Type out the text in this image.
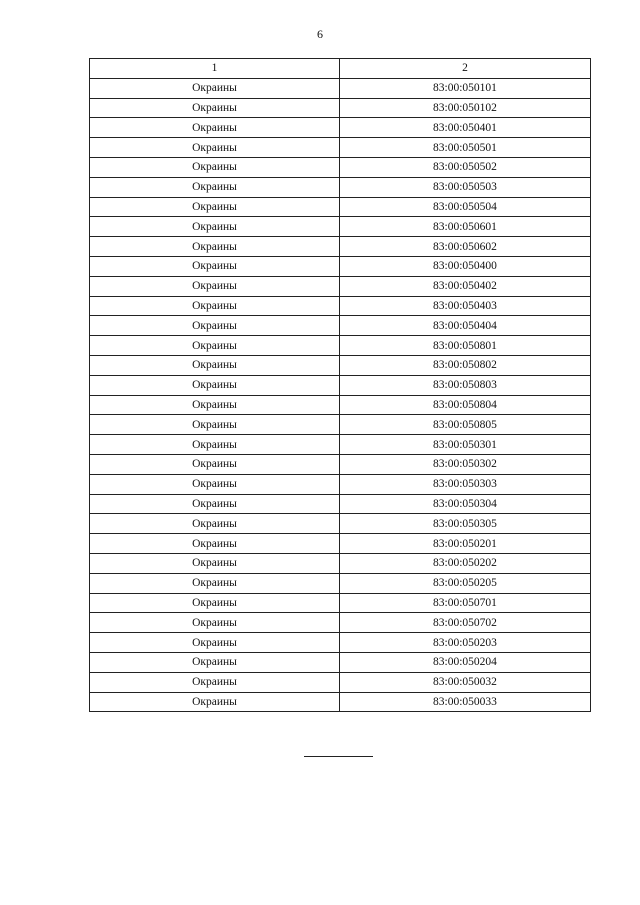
6
1	2
Окраины	83:00:050101
Окраины	83:00:050102
Окраины	83:00:050401
Окраины	83:00:050501
Окраины	83:00:050502
Окраины	83:00:050503
Окраины	83:00:050504
Окраины	83:00:050601
Окраины	83:00:050602
Окраины	83:00:050400
Окраины	83:00:050402
Окраины	83:00:050403
Окраины	83:00:050404
Окраины	83:00:050801
Окраины	83:00:050802
Окраины	83:00:050803
Окраины	83:00:050804
Окраины	83:00:050805
Окраины	83:00:050301
Окраины	83:00:050302
Окраины	83:00:050303
Окраины	83:00:050304
Окраины	83:00:050305
Окраины	83:00:050201
Окраины	83:00:050202
Окраины	83:00:050205
Окраины	83:00:050701
Окраины	83:00:050702
Окраины	83:00:050203
Окраины	83:00:050204
Окраины	83:00:050032
Окраины	83:00:050033
